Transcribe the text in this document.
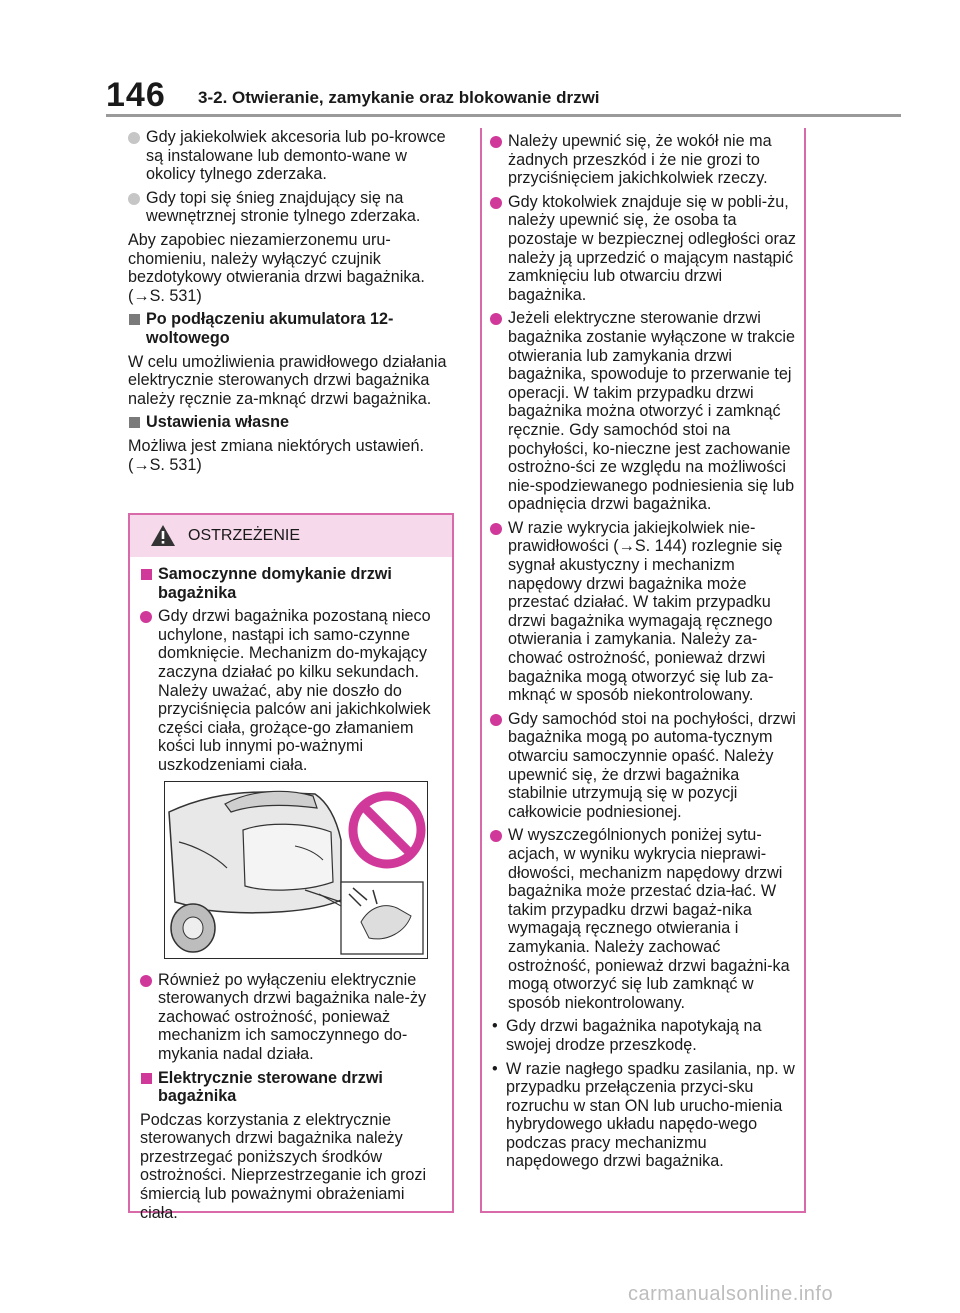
146 3-2. Otwieranie, zamykanie oraz blokowanie drzwi
Gdy jakiekolwiek akcesoria lub po-krowce są instalowane lub demonto-wane w okolicy tylnego zderzaka.
Gdy topi się śnieg znajdujący się na wewnętrznej stronie tylnego zderzaka.

Aby zapobiec niezamierzonemu uru-chomieniu, należy wyłączyć czujnik bezdotykowy otwierania drzwi bagażnika. (→S. 531)

Po podłączeniu akumulatora 12-woltowego

W celu umożliwienia prawidłowego działania elektrycznie sterowanych drzwi bagażnika należy ręcznie za-mknąć drzwi bagażnika.

Ustawienia własne

Możliwa jest zmiana niektórych ustawień. (→S. 531)

OSTRZEŻENIE
Samoczynne domykanie drzwi bagażnika
Gdy drzwi bagażnika pozostaną nieco uchylone, nastąpi ich samo-czynne domknięcie. Mechanizm do-mykający zaczyna działać po kilku sekundach. Należy uważać, aby nie doszło do przyciśnięcia palców ani jakichkolwiek części ciała, grożące-go złamaniem kości lub innymi po-ważnymi uszkodzeniami ciała.
Również po wyłączeniu elektrycznie sterowanych drzwi bagażnika nale-ży zachować ostrożność, ponieważ mechanizm ich samoczynnego do-mykania nadal działa.
Elektrycznie sterowane drzwi bagażnika

Podczas korzystania z elektrycznie sterowanych drzwi bagażnika należy przestrzegać poniższych środków ostrożności. Nieprzestrzeganie ich grozi śmiercią lub poważnymi obrażeniami ciała.

Należy upewnić się, że wokół nie ma żadnych przeszkód i że nie grozi to przyciśnięciem jakichkolwiek rzeczy.
Gdy ktokolwiek znajduje się w pobli-żu, należy upewnić się, że osoba ta pozostaje w bezpiecznej odległości oraz należy ją uprzedzić o mającym nastąpić zamknięciu lub otwarciu drzwi bagażnika.
Jeżeli elektryczne sterowanie drzwi bagażnika zostanie wyłączone w trakcie otwierania lub zamykania drzwi bagażnika, spowoduje to przerwanie tej operacji. W takim przypadku drzwi bagażnika można otworzyć i zamknąć ręcznie. Gdy samochód stoi na pochyłości, ko-nieczne jest zachowanie ostrożno-ści ze względu na możliwości nie-spodziewanego podniesienia się lub opadnięcia drzwi bagażnika.
W razie wykrycia jakiejkolwiek nie-prawidłowości (→S. 144) rozlegnie się sygnał akustyczny i mechanizm napędowy drzwi bagażnika może przestać działać. W takim przypadku drzwi bagażnika wymagają ręcznego otwierania i zamykania. Należy za-chować ostrożność, ponieważ drzwi bagażnika mogą otworzyć się lub za-mknąć w sposób niekontrolowany.
Gdy samochód stoi na pochyłości, drzwi bagażnika mogą po automa-tycznym otwarciu samoczynnie opaść. Należy upewnić się, że drzwi bagażnika stabilnie utrzymują się w pozycji całkowicie podniesionej.
W wyszczególnionych poniżej sytu-acjach, w wyniku wykrycia nieprawi-dłowości, mechanizm napędowy drzwi bagażnika może przestać dzia-łać. W takim przypadku drzwi bagaż-nika wymagają ręcznego otwierania i zamykania. Należy zachować ostrożność, ponieważ drzwi bagażni-ka mogą otworzyć się lub zamknąć w sposób niekontrolowany.
• Gdy drzwi bagażnika napotykają na swojej drodze przeszkodę.
• W razie nagłego spadku zasilania, np. w przypadku przełączenia przyci-sku rozruchu w stan ON lub urucho-mienia hybrydowego układu napędo-wego podczas pracy mechanizmu napędowego drzwi bagażnika.
carmanualsonline.info
